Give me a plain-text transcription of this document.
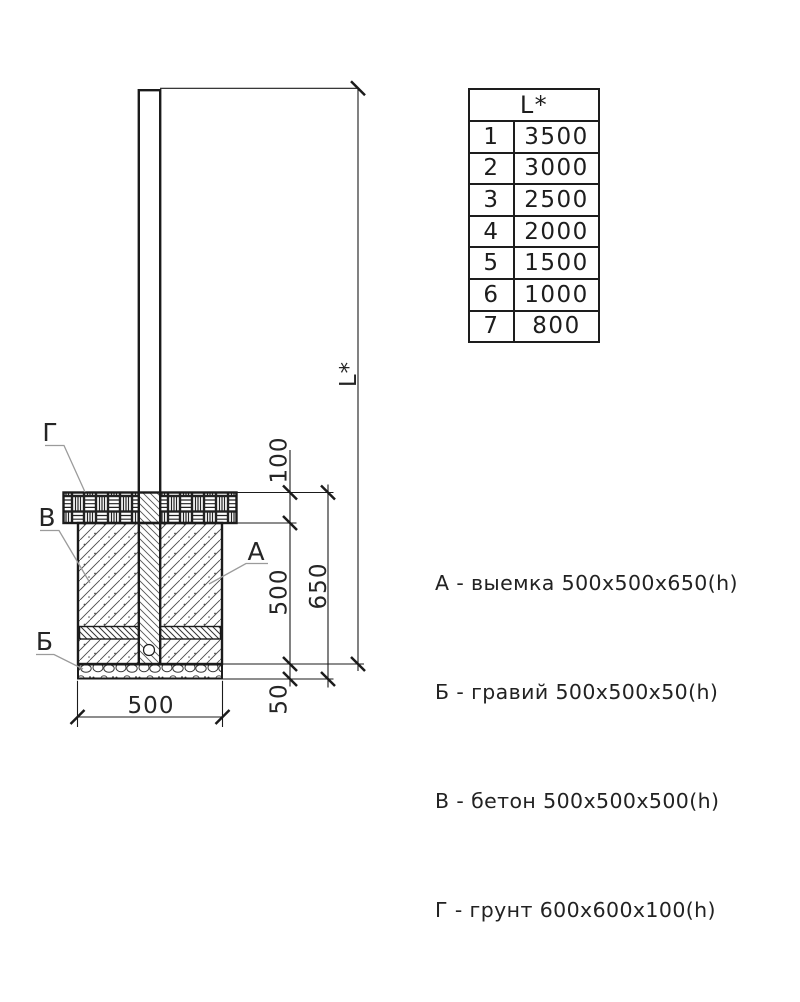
100
500 650
50
500
L*
Г
В
Б
А
L*	
1	3500
2	3000
3	2500
4	2000
5	1500
6	1000
7	800

А - выемка 500х500х650(h)

Б - гравий 500х500х50(h)

В - бетон 500х500х500(h)

Г - грунт 600х600х100(h)
